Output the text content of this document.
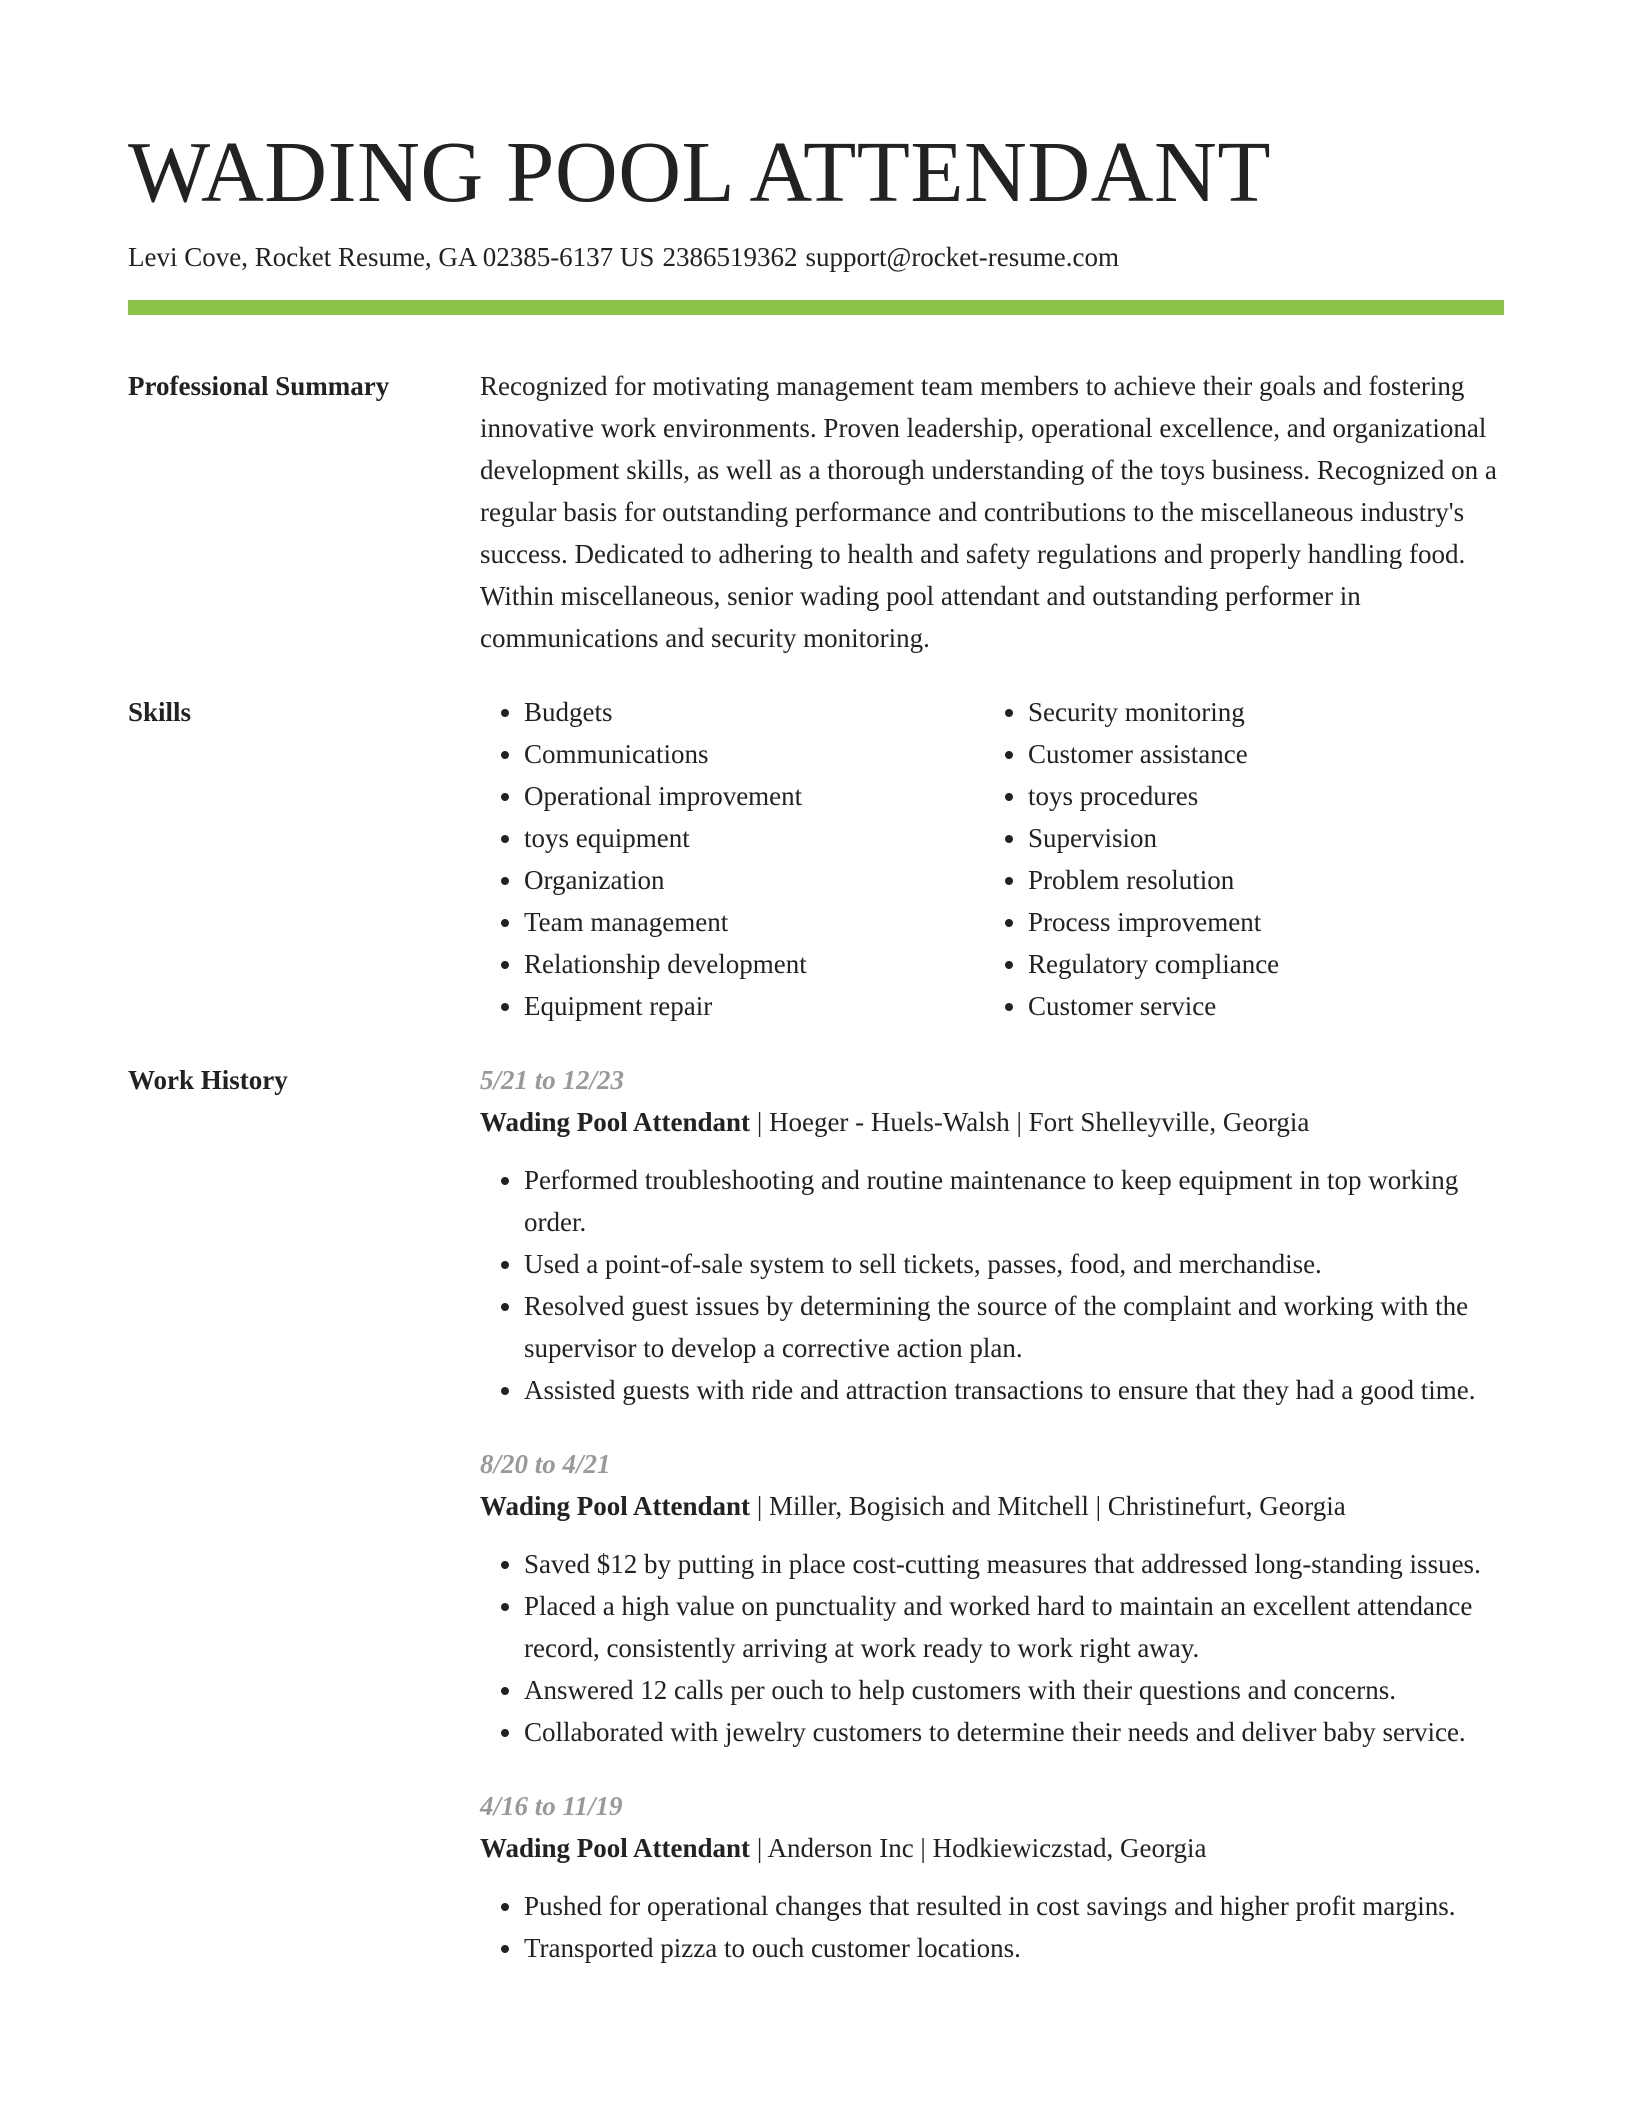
WADING POOL ATTENDANT
Levi Cove, Rocket Resume, GA 02385-6137 US 2386519362 support@rocket-resume.com
Professional Summary	Recognized for motivating management team members to achieve their goals and fostering innovative work environments. Proven leadership, operational excellence, and organizational development skills, as well as a thorough understanding of the toys business. Recognized on a regular basis for outstanding performance and contributions to the miscellaneous industry's success. Dedicated to adhering to health and safety regulations and properly handling food. Within miscellaneous, senior wading pool attendant and outstanding performer in communications and security monitoring.

Skills
•	Budgets
• Communications
• Operational improvement
• toys equipment
• Organization
• Team management
• Relationship development
• Equipment repair
• Security monitoring
• Customer assistance
• toys procedures
• Supervision
• Problem resolution
• Process improvement
• Regulatory compliance
• Customer service
Work History	5/21 to 12/23
Wading Pool Attendant | Hoeger - Huels-Walsh | Fort Shelleyville, Georgia
• Performed troubleshooting and routine maintenance to keep equipment in top working order.
• Used a point-of-sale system to sell tickets, passes, food, and merchandise.
• Resolved guest issues by determining the source of the complaint and working with the supervisor to develop a corrective action plan.
• Assisted guests with ride and attraction transactions to ensure that they had a good time.
8/20 to 4/21
Wading Pool Attendant | Miller, Bogisich and Mitchell | Christinefurt, Georgia
• Saved $12 by putting in place cost-cutting measures that addressed long-standing issues.
• Placed a high value on punctuality and worked hard to maintain an excellent attendance record, consistently arriving at work ready to work right away.
• Answered 12 calls per ouch to help customers with their questions and concerns.
• Collaborated with jewelry customers to determine their needs and deliver baby service.
4/16 to 11/19
Wading Pool Attendant | Anderson Inc | Hodkiewiczstad, Georgia
• Pushed for operational changes that resulted in cost savings and higher profit margins.
• Transported pizza to ouch customer locations.
